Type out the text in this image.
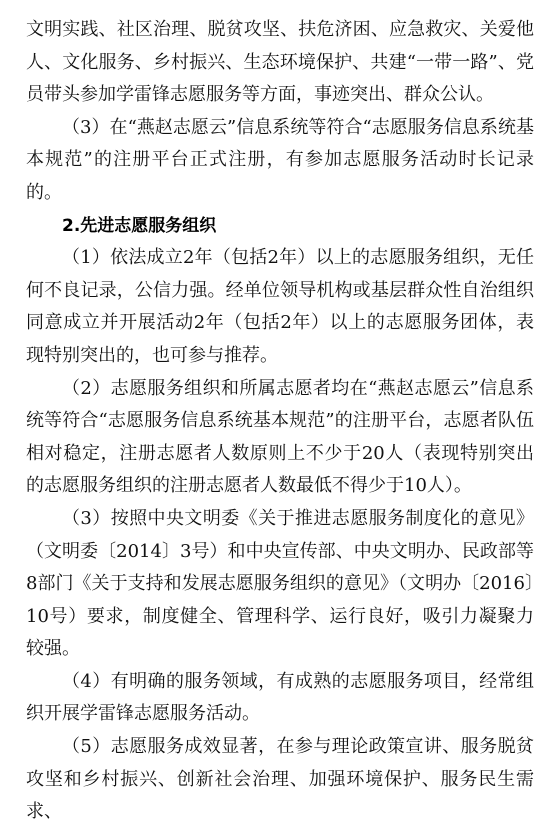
文明实践、社区治理、脱贫攻坚、扶危济困、应急救灾、关爱他人、文化服务、乡村振兴、生态环境保护、共建“一带一路”、党员带头参加学雷锋志愿服务等方面，事迹突出、群众公认。

（3）在“燕赵志愿云”信息系统等符合“志愿服务信息系统基本规范”的注册平台正式注册，有参加志愿服务活动时长记录的。

2.先进志愿服务组织

（1）依法成立2年（包括2年）以上的志愿服务组织，无任何不良记录，公信力强。经单位领导机构或基层群众性自治组织同意成立并开展活动2年（包括2年）以上的志愿服务团体，表现特别突出的，也可参与推荐。

（2）志愿服务组织和所属志愿者均在“燕赵志愿云”信息系统等符合“志愿服务信息系统基本规范”的注册平台，志愿者队伍相对稳定，注册志愿者人数原则上不少于20人（表现特别突出的志愿服务组织的注册志愿者人数最低不得少于10人）。

（3）按照中央文明委《关于推进志愿服务制度化的意见》（文明委〔2014〕3号）和中央宣传部、中央文明办、民政部等8部门《关于支持和发展志愿服务组织的意见》（文明办〔2016〕10号）要求，制度健全、管理科学、运行良好，吸引力凝聚力较强。

（4）有明确的服务领域，有成熟的志愿服务项目，经常组织开展学雷锋志愿服务活动。

（5）志愿服务成效显著，在参与理论政策宣讲、服务脱贫攻坚和乡村振兴、创新社会治理、加强环境保护、服务民生需求、
